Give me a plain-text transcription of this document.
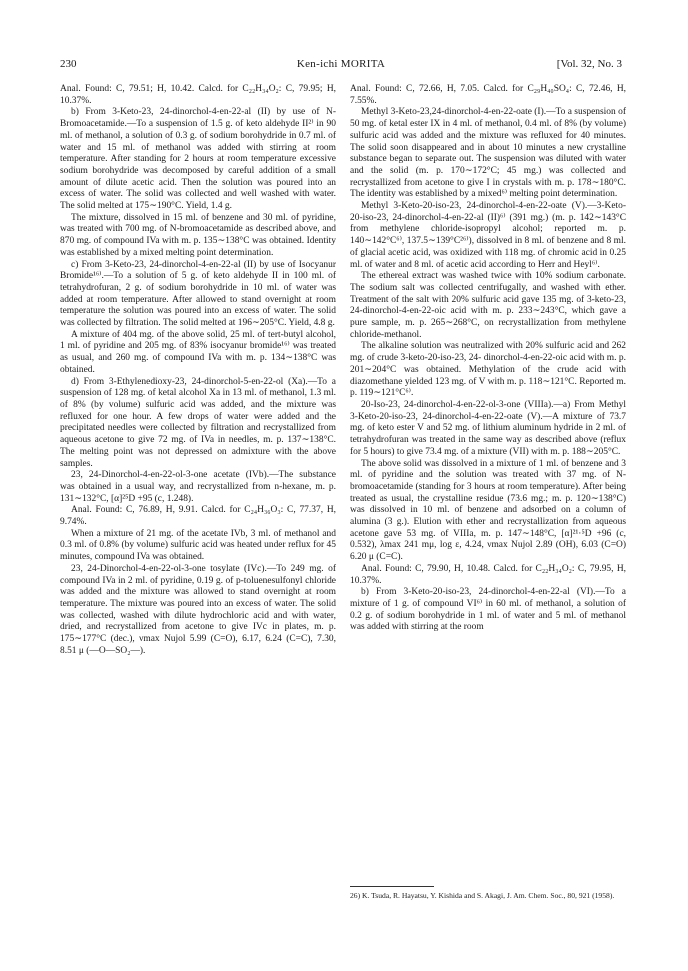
230	Ken-ichi MORITA	[Vol. 32, No. 3

Anal. Found: C, 79.51; H, 10.42. Calcd. for C₂₂H₃₄O₂: C, 79.95; H, 10.37%.

b) From 3-Keto-23, 24-dinorchol-4-en-22-al (II) by use of N-Bromoacetamide.—To a suspension of 1.5 g. of keto aldehyde II²⁾ in 90 ml. of methanol, a solution of 0.3 g. of sodium borohydride in 0.7 ml. of water and 15 ml. of methanol was added with stirring at room temperature. After standing for 2 hours at room temperature excessive sodium borohydride was decomposed by careful addition of a small amount of dilute acetic acid. Then the solution was poured into an excess of water. The solid was collected and well washed with water. The solid melted at 175∼190°C. Yield, 1.4 g.

The mixture, dissolved in 15 ml. of benzene and 30 ml. of pyridine, was treated with 700 mg. of N-bromoacetamide as described above, and 870 mg. of compound IVa with m. p. 135∼138°C was obtained. Identity was established by a mixed melting point determination.

c) From 3-Keto-23, 24-dinorchol-4-en-22-al (II) by use of Isocyanur Bromide¹⁶⁾.—To a solution of 5 g. of keto aldehyde II in 100 ml. of tetrahydrofuran, 2 g. of sodium borohydride in 10 ml. of water was added at room temperature. After allowed to stand overnight at room temperature the solution was poured into an excess of water. The solid was collected by filtration. The solid melted at 196∼205°C. Yield, 4.8 g.

A mixture of 404 mg. of the above solid, 25 ml. of tert-butyl alcohol, 1 ml. of pyridine and 205 mg. of 83% isocyanur bromide¹⁶⁾ was treated as usual, and 260 mg. of compound IVa with m. p. 134∼138°C was obtained.

d) From 3-Ethylenedioxy-23, 24-dinorchol-5-en-22-ol (Xa).—To a suspension of 128 mg. of ketal alcohol Xa in 13 ml. of methanol, 1.3 ml. of 8% (by volume) sulfuric acid was added, and the mixture was refluxed for one hour. A few drops of water were added and the precipitated needles were collected by filtration and recrystallized from aqueous acetone to give 72 mg. of IVa in needles, m. p. 137∼138°C. The melting point was not depressed on admixture with the above samples.

23, 24-Dinorchol-4-en-22-ol-3-one acetate (IVb).—The substance was obtained in a usual way, and recrystallized from n-hexane, m. p. 131∼132°C, [α]²⁵D +95 (c, 1.248).

Anal. Found: C, 76.89, H, 9.91. Calcd. for C₂₄H₃₆O₃: C, 77.37, H, 9.74%.

When a mixture of 21 mg. of the acetate IVb, 3 ml. of methanol and 0.3 ml. of 0.8% (by volume) sulfuric acid was heated under reflux for 45 minutes, compound IVa was obtained.

23, 24-Dinorchol-4-en-22-ol-3-one tosylate (IVc).—To 249 mg. of compound IVa in 2 ml. of pyridine, 0.19 g. of p-toluenesulfonyl chloride was added and the mixture was allowed to stand overnight at room temperature. The mixture was poured into an excess of water. The solid was collected, washed with dilute hydrochloric acid and with water, dried, and recrystallized from acetone to give IVc in plates, m. p. 175∼177°C (dec.), νmax Nujol 5.99 (C=O), 6.17, 6.24 (C=C), 7.30, 8.51 μ (—O—SO₂—).

Anal. Found: C, 72.66, H, 7.05. Calcd. for C₂₉H₄₀SO₄: C, 72.46, H, 7.55%.

Methyl 3-Keto-23,24-dinorchol-4-en-22-oate (I).—To a suspension of 50 mg. of ketal ester IX in 4 ml. of methanol, 0.4 ml. of 8% (by volume) sulfuric acid was added and the mixture was refluxed for 40 minutes. The solid soon disappeared and in about 10 minutes a new crystalline substance began to separate out. The suspension was diluted with water and the solid (m. p. 170∼172°C; 45 mg.) was collected and recrystallized from acetone to give I in crystals with m. p. 178∼180°C. The identity was established by a mixed⁶⁾ melting point determination.

Methyl 3-Keto-20-iso-23, 24-dinorchol-4-en-22-oate (V).—3-Keto-20-iso-23, 24-dinorchol-4-en-22-al (II)⁶⁾ (391 mg.) (m. p. 142∼143°C from methylene chloride-isopropyl alcohol; reported m. p. 140∼142°C⁶⁾, 137.5∼139°C²⁶⁾), dissolved in 8 ml. of benzene and 8 ml. of glacial acetic acid, was oxidized with 118 mg. of chromic acid in 0.25 ml. of water and 8 ml. of acetic acid according to Herr and Heyl⁶⁾.

The ethereal extract was washed twice with 10% sodium carbonate. The sodium salt was collected centrifugally, and washed with ether. Treatment of the salt with 20% sulfuric acid gave 135 mg. of 3-keto-23, 24-dinorchol-4-en-22-oic acid with m. p. 233∼243°C, which gave a pure sample, m. p. 265∼268°C, on recrystallization from methylene chloride-methanol.

The alkaline solution was neutralized with 20% sulfuric acid and 262 mg. of crude 3-keto-20-iso-23, 24- dinorchol-4-en-22-oic acid with m. p. 201∼204°C was obtained. Methylation of the crude acid with diazomethane yielded 123 mg. of V with m. p. 118∼121°C. Reported m. p. 119∼121°C⁶⁾.

20-Iso-23, 24-dinorchol-4-en-22-ol-3-one (VIIIa).—a) From Methyl 3-Keto-20-iso-23, 24-dinorchol-4-en-22-oate (V).—A mixture of 73.7 mg. of keto ester V and 52 mg. of lithium aluminum hydride in 2 ml. of tetrahydrofuran was treated in the same way as described above (reflux for 5 hours) to give 73.4 mg. of a mixture (VII) with m. p. 188∼205°C.

The above solid was dissolved in a mixture of 1 ml. of benzene and 3 ml. of pyridine and the solution was treated with 37 mg. of N-bromoacetamide (standing for 3 hours at room temperature). After being treated as usual, the crystalline residue (73.6 mg.; m. p. 120∼138°C) was dissolved in 10 ml. of benzene and adsorbed on a column of alumina (3 g.). Elution with ether and recrystallization from aqueous acetone gave 53 mg. of VIIIa, m. p. 147∼148°C, [α]²¹·⁵D +96 (c, 0.532), λmax 241 mμ, log ε, 4.24, νmax Nujol 2.89 (OH), 6.03 (C=O) 6.20 μ (C=C).

Anal. Found: C, 79.90, H, 10.48. Calcd. for C₂₂H₃₄O₂: C, 79.95, H, 10.37%.

b) From 3-Keto-20-iso-23, 24-dinorchol-4-en-22-al (VI).—To a mixture of 1 g. of compound VI⁶⁾ in 60 ml. of methanol, a solution of 0.2 g. of sodium borohydride in 1 ml. of water and 5 ml. of methanol was added with stirring at the room

26) K. Tsuda, R. Hayatsu, Y. Kishida and S. Akagi, J. Am. Chem. Soc., 80, 921 (1958).
